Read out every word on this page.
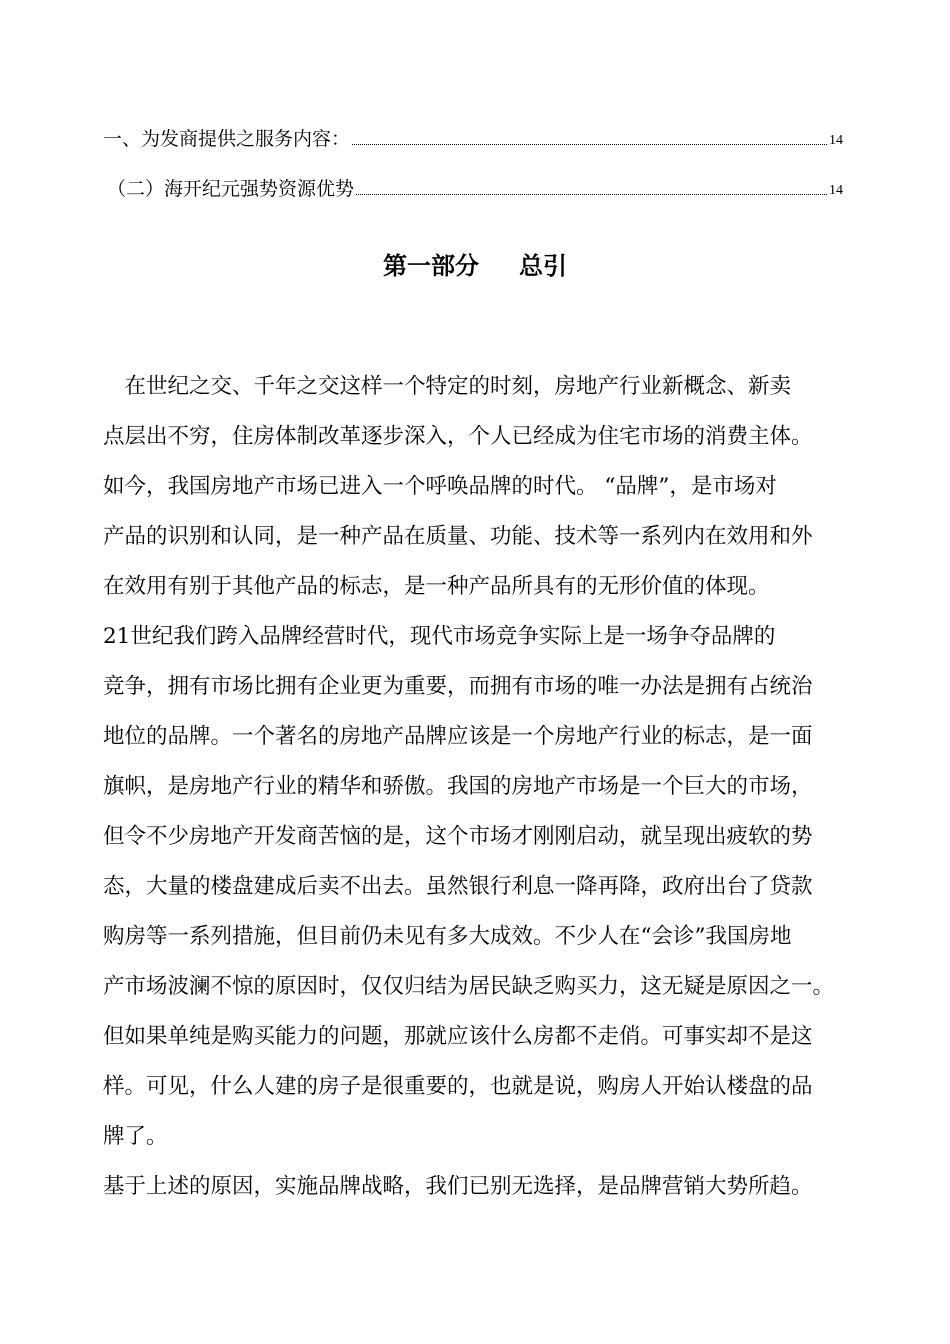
一、为发商提供之服务内容：	14
（二）海开纪元强势资源优势	14
第一部分 总引

　在世纪之交、千年之交这样一个特定的时刻，房地产行业新概念、新卖
点层出不穷，住房体制改革逐步深入，个人已经成为住宅市场的消费主体。
如今，我国房地产市场已进入一个呼唤品牌的时代。 “品牌”，是市场对
产品的识别和认同，是一种产品在质量、功能、技术等一系列内在效用和外
在效用有别于其他产品的标志，是一种产品所具有的无形价值的体现。

21世纪我们跨入品牌经营时代，现代市场竞争实际上是一场争夺品牌的
竞争，拥有市场比拥有企业更为重要，而拥有市场的唯一办法是拥有占统治
地位的品牌。一个著名的房地产品牌应该是一个房地产行业的标志，是一面
旗帜，是房地产行业的精华和骄傲。我国的房地产市场是一个巨大的市场，
但令不少房地产开发商苦恼的是，这个市场才刚刚启动，就呈现出疲软的势
态，大量的楼盘建成后卖不出去。虽然银行利息一降再降，政府出台了贷款
购房等一系列措施，但目前仍未见有多大成效。不少人在“会诊”我国房地
产市场波澜不惊的原因时，仅仅归结为居民缺乏购买力，这无疑是原因之一。
但如果单纯是购买能力的问题，那就应该什么房都不走俏。可事实却不是这
样。可见，什么人建的房子是很重要的，也就是说，购房人开始认楼盘的品
牌了。

基于上述的原因，实施品牌战略，我们已别无选择，是品牌营销大势所趋。
